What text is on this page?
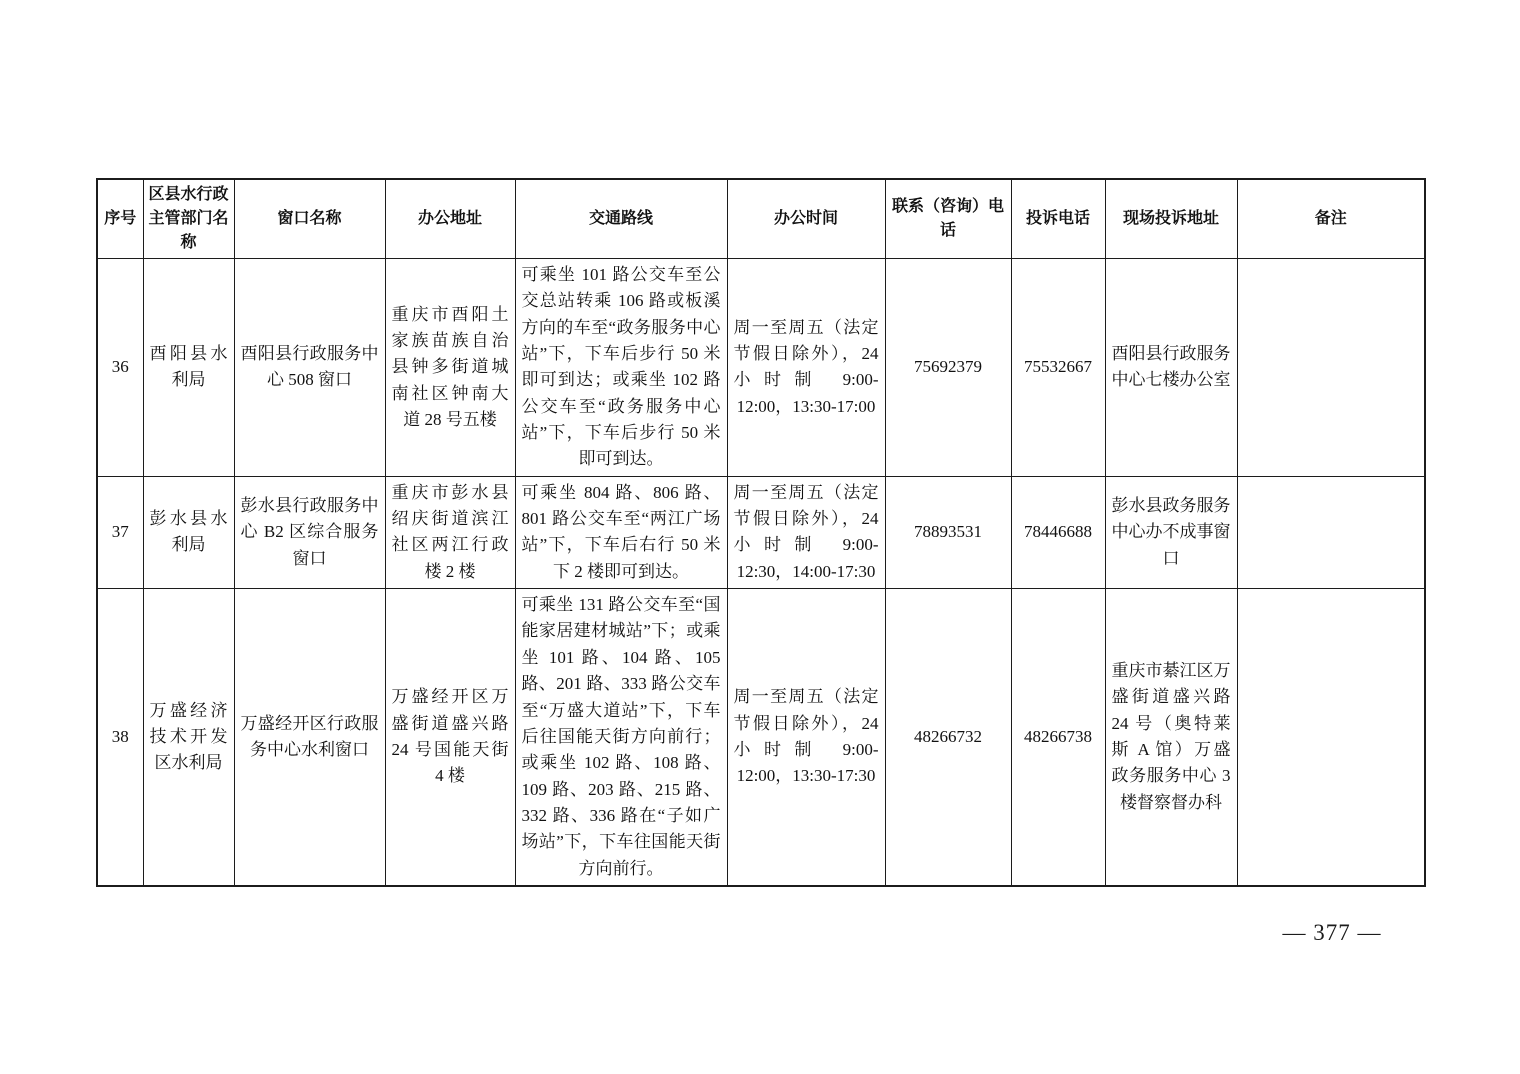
序号	区县水行政主管部门名称	窗口名称	办公地址	交通路线	办公时间	联系（咨询）电话	投诉电话	现场投诉地址	备注
36	酉阳县水利局	酉阳县行政服务中心 508 窗口	重庆市酉阳土家族苗族自治县钟多街道城南社区钟南大道 28 号五楼	可乘坐 101 路公交车至公交总站转乘 106 路或板溪方向的车至“政务服务中心站”下，下车后步行 50 米即可到达；或乘坐 102 路公交车至“政务服务中心站”下，下车后步行 50 米即可到达。	周一至周五（法定节假日除外），24 小时制 9:00-12:00，13:30-17:00	75692379	75532667	酉阳县行政服务中心七楼办公室	
37	彭水县水利局	彭水县行政服务中心 B2 区综合服务窗口	重庆市彭水县绍庆街道滨江社区两江行政楼 2 楼	可乘坐 804 路、806 路、801 路公交车至“两江广场站”下，下车后右行 50 米下 2 楼即可到达。	周一至周五（法定节假日除外），24 小时制 9:00-12:30，14:00-17:30	78893531	78446688	彭水县政务服务中心办不成事窗口	
38	万盛经济技术开发区水利局	万盛经开区行政服务中心水利窗口	万盛经开区万盛街道盛兴路 24 号国能天街 4 楼	可乘坐 131 路公交车至“国能家居建材城站”下；或乘坐 101 路、104 路、105 路、201 路、333 路公交车至“万盛大道站”下，下车后往国能天街方向前行；或乘坐 102 路、108 路、109 路、203 路、215 路、332 路、336 路在“子如广场站”下，下车往国能天街方向前行。	周一至周五（法定节假日除外），24 小时制 9:00-12:00，13:30-17:30	48266732	48266738	重庆市綦江区万盛街道盛兴路 24 号（奥特莱斯 A 馆）万盛政务服务中心 3 楼督察督办科	
— 377 —
